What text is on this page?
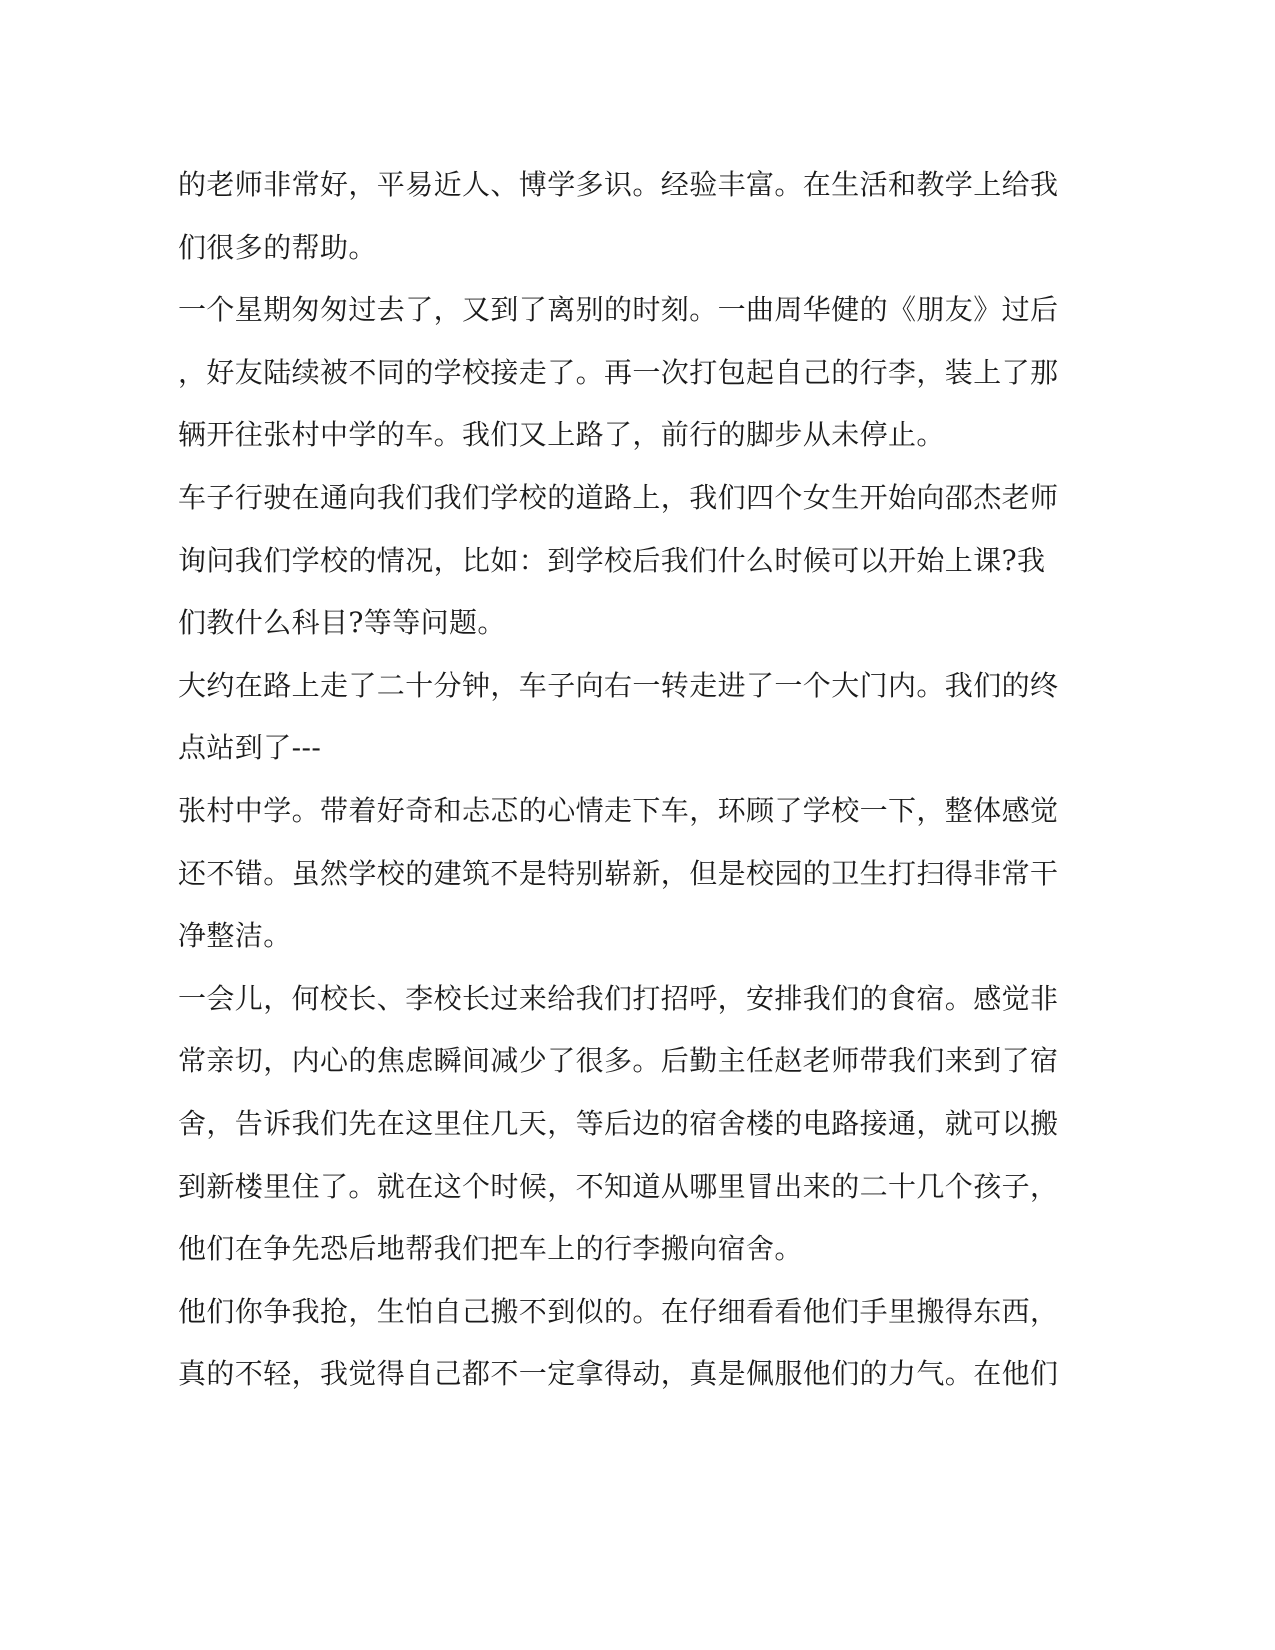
的老师非常好，平易近人、博学多识。经验丰富。在生活和教学上给我
们很多的帮助。
一个星期匆匆过去了，又到了离别的时刻。一曲周华健的《朋友》过后
，好友陆续被不同的学校接走了。再一次打包起自己的行李，装上了那
辆开往张村中学的车。我们又上路了，前行的脚步从未停止。
车子行驶在通向我们我们学校的道路上，我们四个女生开始向邵杰老师
询问我们学校的情况，比如：到学校后我们什么时候可以开始上课?我
们教什么科目?等等问题。
大约在路上走了二十分钟，车子向右一转走进了一个大门内。我们的终
点站到了---
张村中学。带着好奇和忐忑的心情走下车，环顾了学校一下，整体感觉
还不错。虽然学校的建筑不是特别崭新，但是校园的卫生打扫得非常干
净整洁。
一会儿，何校长、李校长过来给我们打招呼，安排我们的食宿。感觉非
常亲切，内心的焦虑瞬间减少了很多。后勤主任赵老师带我们来到了宿
舍，告诉我们先在这里住几天，等后边的宿舍楼的电路接通，就可以搬
到新楼里住了。就在这个时候，不知道从哪里冒出来的二十几个孩子，
他们在争先恐后地帮我们把车上的行李搬向宿舍。
他们你争我抢，生怕自己搬不到似的。在仔细看看他们手里搬得东西，
真的不轻，我觉得自己都不一定拿得动，真是佩服他们的力气。在他们
